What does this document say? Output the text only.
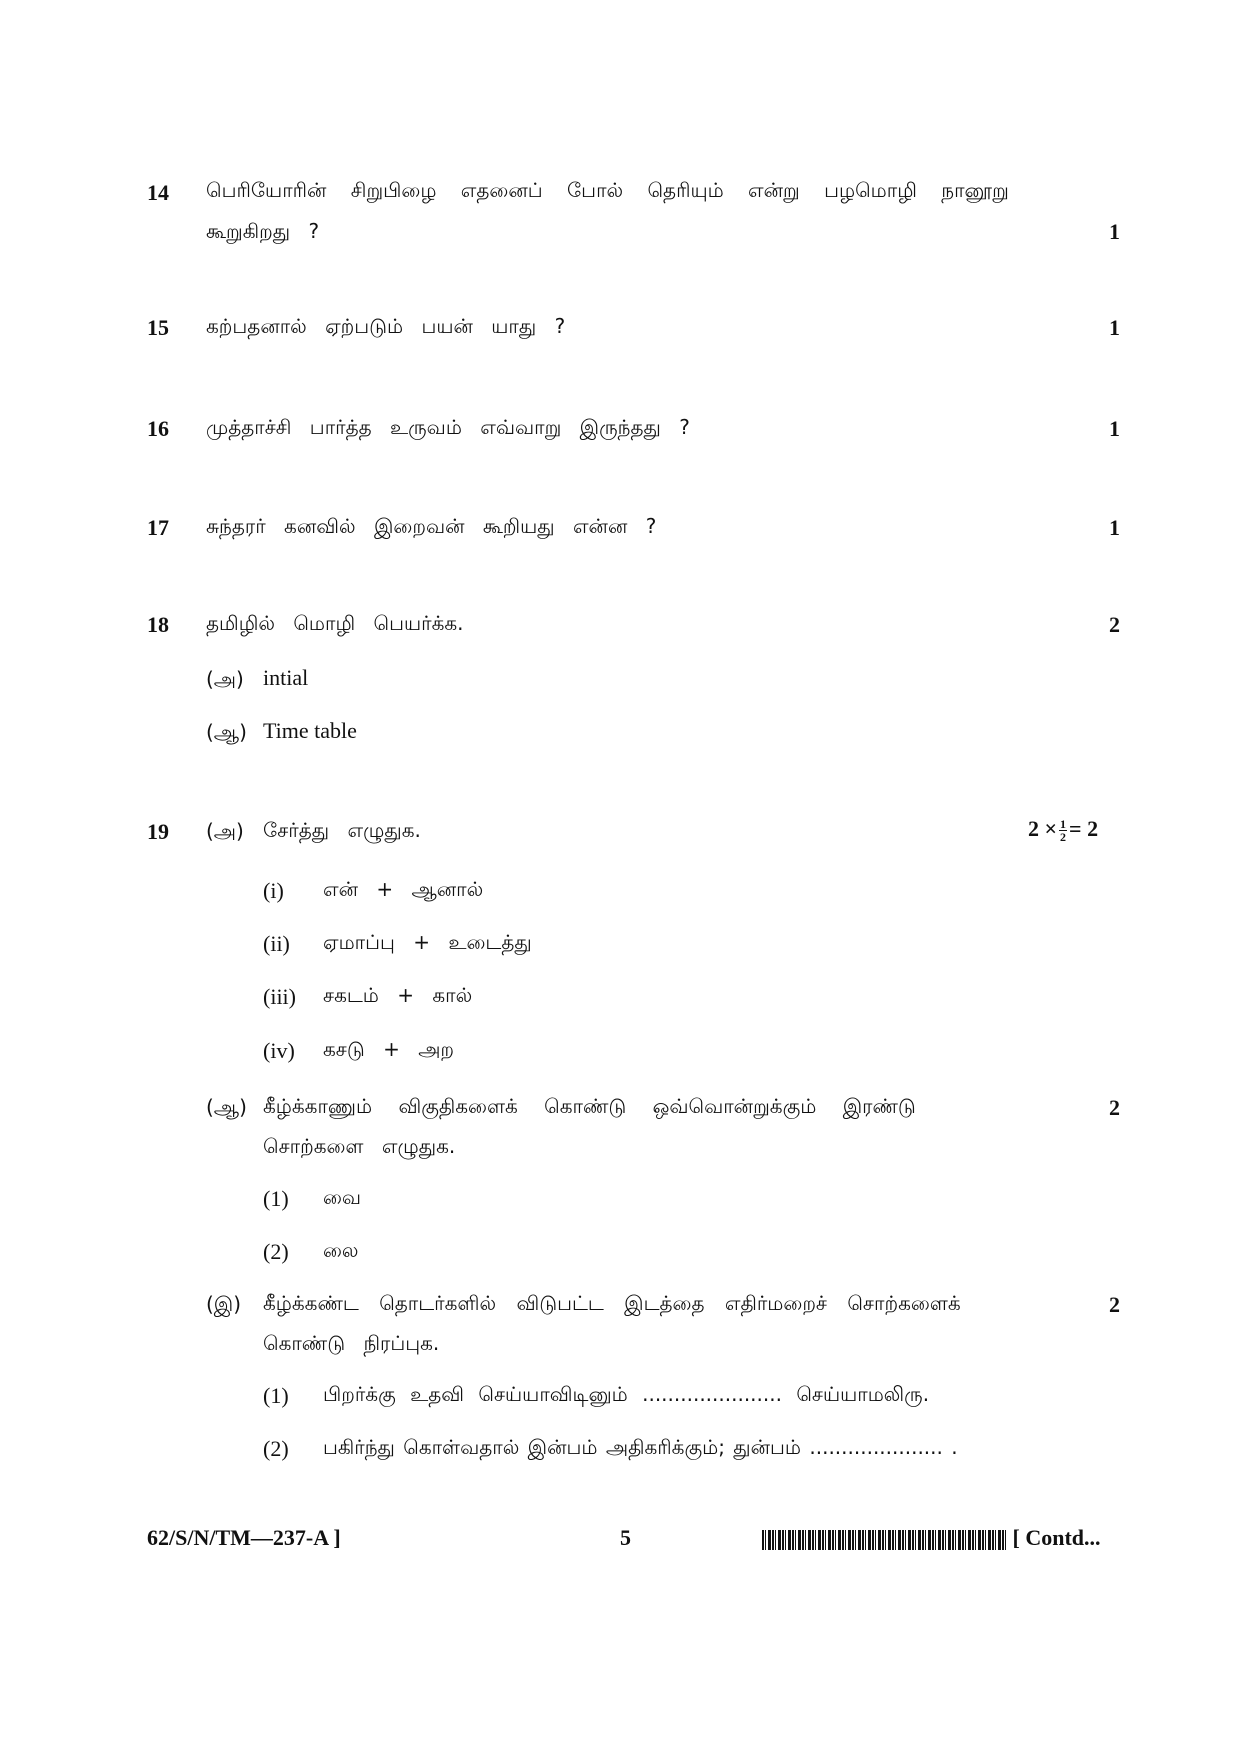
14 பெரியோரின் சிறுபிழை எதனைப் போல் தெரியும் என்று பழமொழி நானூறு
கூறுகிறது ?	1
15 கற்பதனால் ஏற்படும் பயன் யாது ?	1
16 முத்தாச்சி பார்த்த உருவம் எவ்வாறு இருந்தது ?	1
17 சுந்தரர் கனவில் இறைவன் கூறியது என்ன ?	1
18 தமிழில் மொழி பெயர்க்க.	2
(அ) intial
(ஆ) Time table
19 (அ) சேர்த்து எழுதுக.	$2 \times \frac{1}{2}= 2$
(i) என் + ஆனால்
(ii) ஏமாப்பு + உடைத்து
(iii) சகடம் + கால்
(iv) கசடு + அற
(ஆ) கீழ்க்காணும் விகுதிகளைக் கொண்டு ஒவ்வொன்றுக்கும் இரண்டு
சொற்களை எழுதுக.
2
(1) வை
(2) லை
(இ) கீழ்க்கண்ட தொடர்களில் விடுபட்ட இடத்தை எதிர்மறைச் சொற்களைக்
கொண்டு நிரப்புக.
2
(1) பிறர்க்கு உதவி செய்யாவிடினும் ...................... செய்யாமலிரு.
(2) பகிர்ந்து கொள்வதால் இன்பம் அதிகரிக்கும்; துன்பம் ..................... .
62/S/N/TM—237-A ]	5	[ Contd...
